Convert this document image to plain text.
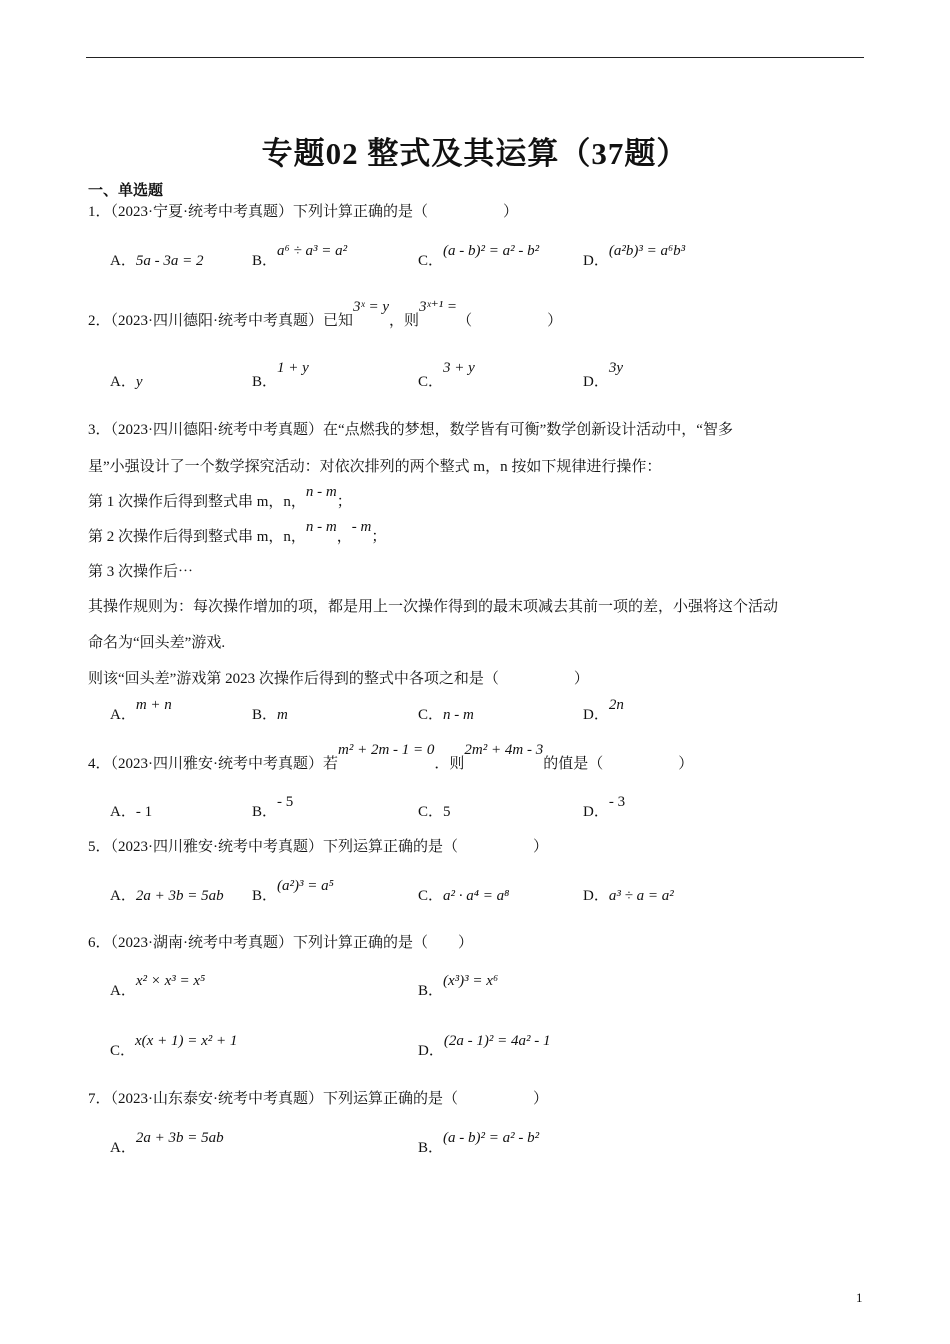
专题02 整式及其运算（37题）
一、单选题
1．（2023·宁夏·统考中考真题）下列计算正确的是（　　　　　）
A．5a - 3a = 2	B．a⁶ ÷ a³ = a²
C．(a - b)² = a² - b²
D．(a²b)³ = a⁶b³
2．（2023·四川德阳·统考中考真题）已知3ˣ = y，则3ˣ⁺¹ =（　　　　　）
A．y	B．1 + y
C．3 + y
D．3y
3．（2023·四川德阳·统考中考真题）在“点燃我的梦想，数学皆有可衡”数学创新设计活动中，“智多
星”小强设计了一个数学探究活动：对依次排列的两个整式 m，n 按如下规律进行操作：
第 1 次操作后得到整式串 m，n，n - m；
第 2 次操作后得到整式串 m，n，n - m，- m；
第 3 次操作后⋯
其操作规则为：每次操作增加的项，都是用上一次操作得到的最末项减去其前一项的差，小强将这个活动
命名为“回头差”游戏.
则该“回头差”游戏第 2023 次操作后得到的整式中各项之和是（　　　　　）
A．m + n
B．m	C．n - m	D．2n
4．（2023·四川雅安·统考中考真题）若m² + 2m - 1 = 0．则2m² + 4m - 3的值是（　　　　　）
A．- 1	B．- 5
C．5	D．- 3
5．（2023·四川雅安·统考中考真题）下列运算正确的是（　　　　　）
A．2a + 3b = 5ab B．(a²)³ = a⁵
C．a² · a⁴ = a⁸	D．a³ ÷ a = a²
6．（2023·湖南·统考中考真题）下列计算正确的是（　　）
A．x² × x³ = x⁵
B．(x³)³ = x⁶
C．x(x + 1) = x² + 1
D．(2a - 1)² = 4a² - 1
7．（2023·山东泰安·统考中考真题）下列运算正确的是（　　　　　）
A．2a + 3b = 5ab
B．(a - b)² = a² - b²
1
